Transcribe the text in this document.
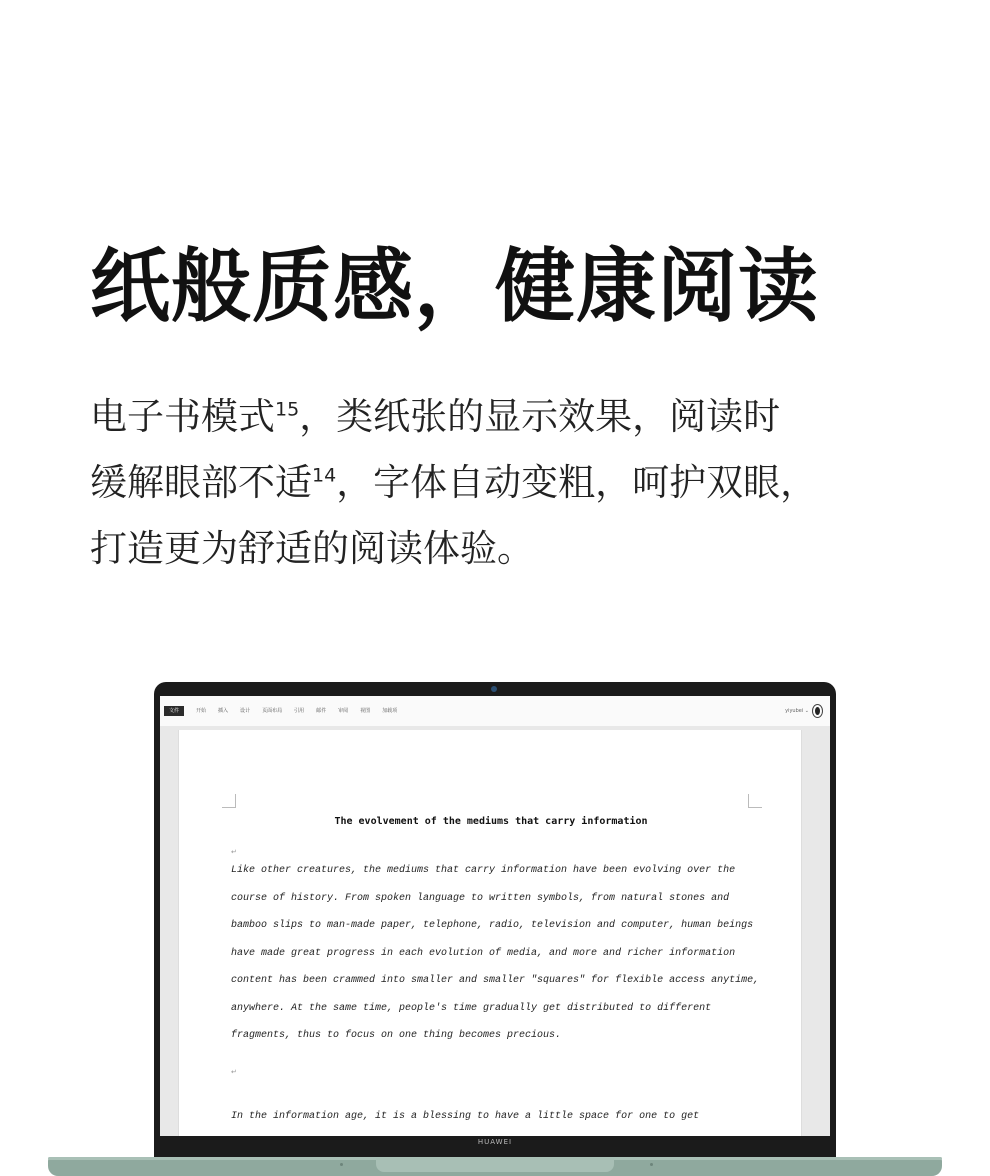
纸般质感，健康阅读
电子书模式$^{15}$，类纸张的显示效果，阅读时
缓解眼部不适$^{14}$，字体自动变粗，呵护双眼，
打造更为舒适的阅读体验。
文件	开始 插入 设计 页面布局 引用 邮件 审阅 视图 加载项	yiyubei ⌄
The evolvement of the mediums that carry information
↵
Like other creatures, the mediums that carry information have been evolving over the course of history. From spoken language to written symbols, from natural stones and bamboo slips to man-made paper, telephone, radio, television and computer, human beings have made great progress in each evolution of media, and more and richer information content has been crammed into smaller and smaller "squares" for flexible access anytime, anywhere. At the same time, people's time gradually get distributed to different fragments, thus to focus on one thing becomes precious.
↵
In the information age, it is a blessing to have a little space for one to get
HUAWEI
